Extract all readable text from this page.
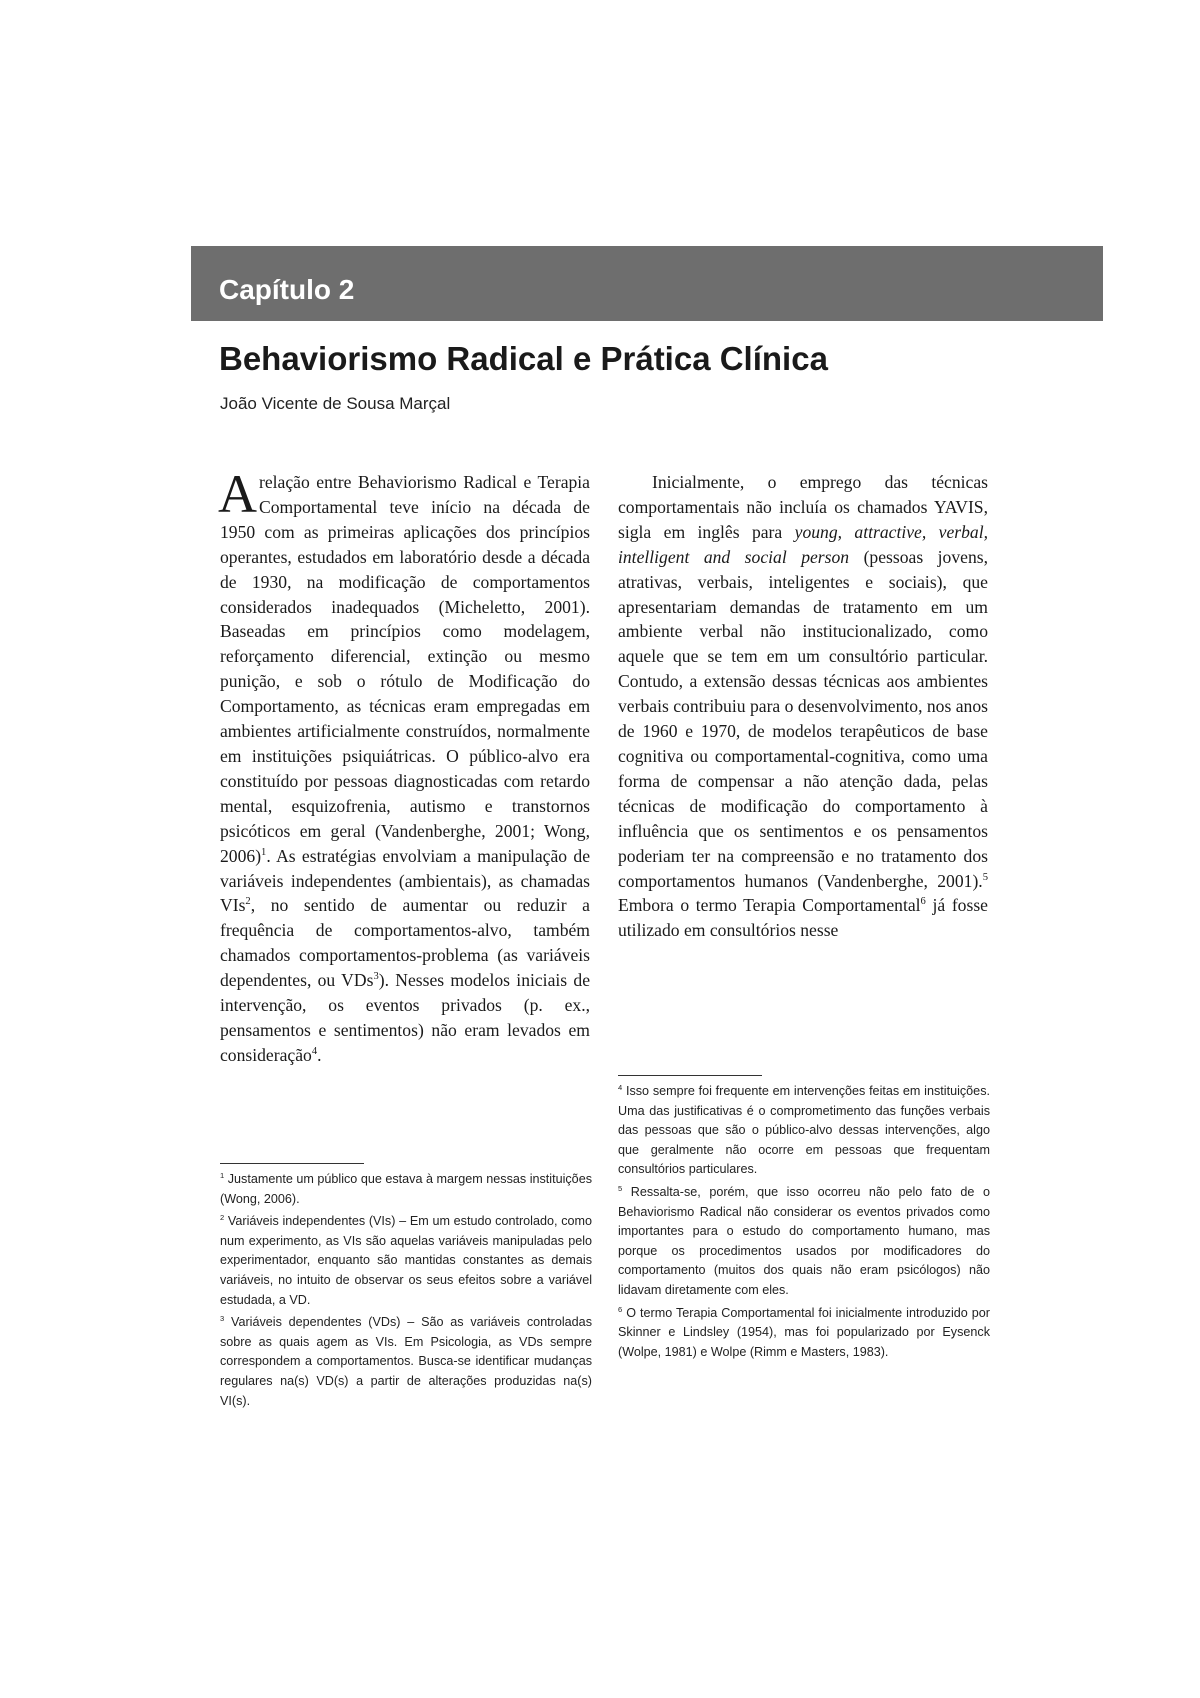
Capítulo 2
Behaviorismo Radical e Prática Clínica
João Vicente de Sousa Marçal

A relação entre Behaviorismo Radical e Terapia Comportamental teve início na década de 1950 com as primeiras aplicações dos princípios operantes, estudados em laboratório desde a década de 1930, na modificação de comportamentos considerados inadequados (Micheletto, 2001). Baseadas em princípios como modelagem, reforçamento diferencial, extinção ou mesmo punição, e sob o rótulo de Modificação do Comportamento, as técnicas eram empregadas em ambientes artificialmente construídos, normalmente em instituições psiquiátricas. O público-alvo era constituído por pessoas diagnosticadas com retardo mental, esquizofrenia, autismo e transtornos psicóticos em geral (Vandenberghe, 2001; Wong, 2006)$^1$. As estratégias envolviam a manipulação de variáveis independentes (ambientais), as chamadas VIs$^2$, no sentido de aumentar ou reduzir a frequência de comportamentos-alvo, também chamados comportamentos-problema (as variáveis dependentes, ou VDs$^3$). Nesses modelos iniciais de intervenção, os eventos privados (p. ex., pensamentos e sentimentos) não eram levados em consideração$^4$.

Inicialmente, o emprego das técnicas comportamentais não incluía os chamados YAVIS, sigla em inglês para young, attractive, verbal, intelligent and social person (pessoas jovens, atrativas, verbais, inteligentes e sociais), que apresentariam demandas de tratamento em um ambiente verbal não institucionalizado, como aquele que se tem em um consultório particular. Contudo, a extensão dessas técnicas aos ambientes verbais contribuiu para o desenvolvimento, nos anos de 1960 e 1970, de modelos terapêuticos de base cognitiva ou comportamental-cognitiva, como uma forma de compensar a não atenção dada, pelas técnicas de modificação do comportamento à influência que os sentimentos e os pensamentos poderiam ter na compreensão e no tratamento dos comportamentos humanos (Vandenberghe, 2001).$^5$ Embora o termo Terapia Comportamental$^6$ já fosse utilizado em consultórios nesse

$^1$ Justamente um público que estava à margem nessas instituições (Wong, 2006).

$^2$ Variáveis independentes (VIs) – Em um estudo controlado, como num experimento, as VIs são aquelas variáveis manipuladas pelo experimentador, enquanto são mantidas constantes as demais variáveis, no intuito de observar os seus efeitos sobre a variável estudada, a VD.

$^3$ Variáveis dependentes (VDs) – São as variáveis controladas sobre as quais agem as VIs. Em Psicologia, as VDs sempre correspondem a comportamentos. Busca-se identificar mudanças regulares na(s) VD(s) a partir de alterações produzidas na(s) VI(s).

$^4$ Isso sempre foi frequente em intervenções feitas em instituições. Uma das justificativas é o comprometimento das funções verbais das pessoas que são o público-alvo dessas intervenções, algo que geralmente não ocorre em pessoas que frequentam consultórios particulares.

$^5$ Ressalta-se, porém, que isso ocorreu não pelo fato de o Behaviorismo Radical não considerar os eventos privados como importantes para o estudo do comportamento humano, mas porque os procedimentos usados por modificadores do comportamento (muitos dos quais não eram psicólogos) não lidavam diretamente com eles.

$^6$ O termo Terapia Comportamental foi inicialmente introduzido por Skinner e Lindsley (1954), mas foi popularizado por Eysenck (Wolpe, 1981) e Wolpe (Rimm e Masters, 1983).
